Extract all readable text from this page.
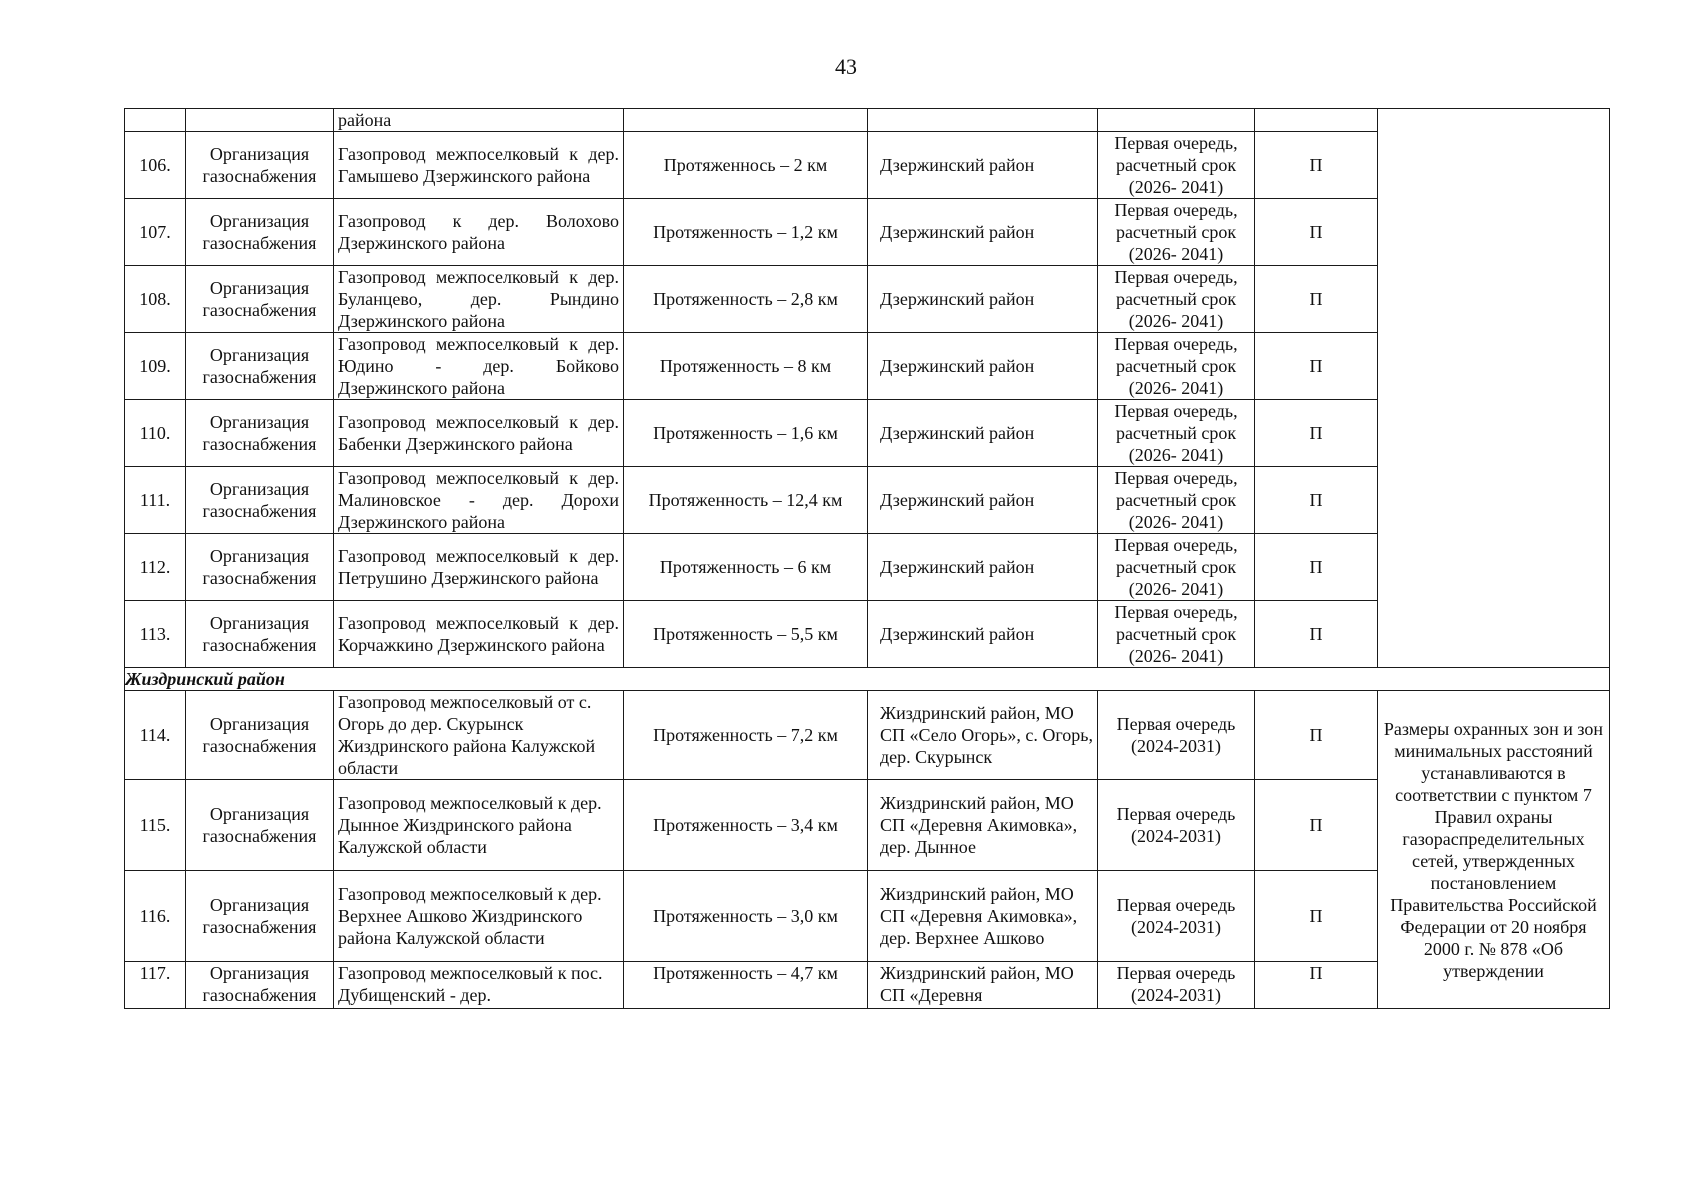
43
		района					
106.	Организация газоснабжения	Газопровод межпоселковый к дер. Гамышево Дзержинского района	Протяженнось – 2 км	Дзержинский район	Первая очередь, расчетный срок (2026- 2041)	П	
107.	Организация газоснабжения	Газопровод к дер. Волохово Дзержинского района	Протяженность – 1,2 км	Дзержинский район	Первая очередь, расчетный срок (2026- 2041)	П	
108.	Организация газоснабжения	Газопровод межпоселковый к дер. Буланцево, дер. Рындино Дзержинского района	Протяженность – 2,8 км	Дзержинский район	Первая очередь, расчетный срок (2026- 2041)	П	
109.	Организация газоснабжения	Газопровод межпоселковый к дер. Юдино - дер. Бойково Дзержинского района	Протяженность – 8 км	Дзержинский район	Первая очередь, расчетный срок (2026- 2041)	П	
110.	Организация газоснабжения	Газопровод межпоселковый к дер. Бабенки Дзержинского района	Протяженность – 1,6 км	Дзержинский район	Первая очередь, расчетный срок (2026- 2041)	П	
111.	Организация газоснабжения	Газопровод межпоселковый к дер. Малиновское - дер. Дорохи Дзержинского района	Протяженность – 12,4 км	Дзержинский район	Первая очередь, расчетный срок (2026- 2041)	П	
112.	Организация газоснабжения	Газопровод межпоселковый к дер. Петрушино Дзержинского района	Протяженность – 6 км	Дзержинский район	Первая очередь, расчетный срок (2026- 2041)	П	
113.	Организация газоснабжения	Газопровод межпоселковый к дер. Корчажкино Дзержинского района	Протяженность – 5,5 км	Дзержинский район	Первая очередь, расчетный срок (2026- 2041)	П	
Жиздринский район							
114.	Организация газоснабжения	Газопровод межпоселковый от с. Огорь до дер. Скурынск Жиздринского района Калужской области	Протяженность – 7,2 км	Жиздринский район, МО СП «Село Огорь», с. Огорь, дер. Скурынск	Первая очередь (2024-2031)	П	Размеры охранных зон и зон минимальных расстояний устанавливаются в соответствии с пунктом 7 Правил охраны газораспределительных сетей, утвержденных постановлением Правительства Российской Федерации от 20 ноября 2000 г. № 878 «Об утверждении
115.	Организация газоснабжения	Газопровод межпоселковый к дер. Дынное Жиздринского района Калужской области	Протяженность – 3,4 км	Жиздринский район, МО СП «Деревня Акимовка», дер. Дынное	Первая очередь (2024-2031)	П	
116.	Организация газоснабжения	Газопровод межпоселковый к дер. Верхнее Ашково Жиздринского района Калужской области	Протяженность – 3,0 км	Жиздринский район, МО СП «Деревня Акимовка», дер. Верхнее Ашково	Первая очередь (2024-2031)	П	
117.	Организация газоснабжения	Газопровод межпоселковый к пос. Дубищенский - дер.	Протяженность – 4,7 км	Жиздринский район, МО СП «Деревня	Первая очередь (2024-2031)	П	
